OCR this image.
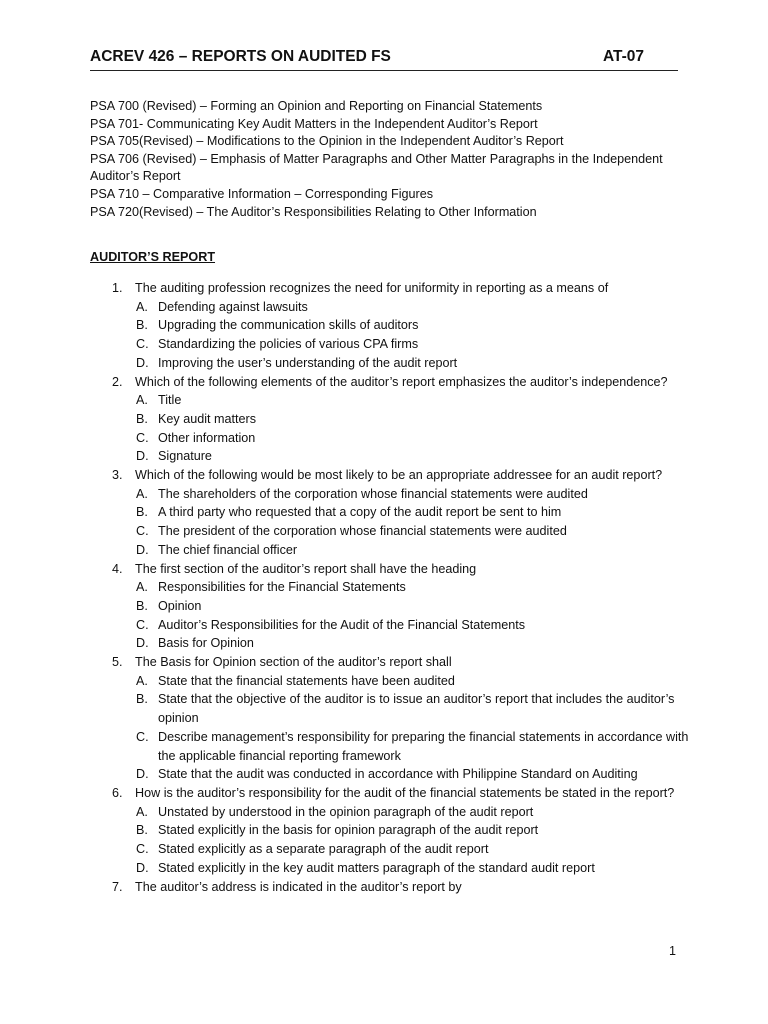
ACREV 426 – REPORTS ON AUDITED FS	AT-07
PSA 700 (Revised) – Forming an Opinion and Reporting on Financial Statements
PSA 701- Communicating Key Audit Matters in the Independent Auditor’s Report
PSA 705(Revised) – Modifications to the Opinion in the Independent Auditor’s Report
PSA 706 (Revised) – Emphasis of Matter Paragraphs and Other Matter Paragraphs in the Independent Auditor’s Report
PSA 710 – Comparative Information – Corresponding Figures
PSA 720(Revised) – The Auditor’s Responsibilities Relating to Other Information
AUDITOR’S REPORT
1. The auditing profession recognizes the need for uniformity in reporting as a means of
A. Defending against lawsuits
B. Upgrading the communication skills of auditors
C. Standardizing the policies of various CPA firms
D. Improving the user’s understanding of the audit report
2. Which of the following elements of the auditor’s report emphasizes the auditor’s independence?
A. Title
B. Key audit matters
C. Other information
D. Signature
3. Which of the following would be most likely to be an appropriate addressee for an audit report?
A. The shareholders of the corporation whose financial statements were audited
B. A third party who requested that a copy of the audit report be sent to him
C. The president of the corporation whose financial statements were audited
D. The chief financial officer
4. The first section of the auditor’s report shall have the heading
A. Responsibilities for the Financial Statements
B. Opinion
C. Auditor’s Responsibilities for the Audit of the Financial Statements
D. Basis for Opinion
5. The Basis for Opinion section of the auditor’s report shall
A. State that the financial statements have been audited
B. State that the objective of the auditor is to issue an auditor’s report that includes the auditor’s opinion
C. Describe management’s responsibility for preparing the financial statements in accordance with the applicable financial reporting framework
D. State that the audit was conducted in accordance with Philippine Standard on Auditing
6. How is the auditor’s responsibility for the audit of the financial statements be stated in the report?
A. Unstated by understood in the opinion paragraph of the audit report
B. Stated explicitly in the basis for opinion paragraph of the audit report
C. Stated explicitly as a separate paragraph of the audit report
D. Stated explicitly in the key audit matters paragraph of the standard audit report
7. The auditor’s address is indicated in the auditor’s report by
1
